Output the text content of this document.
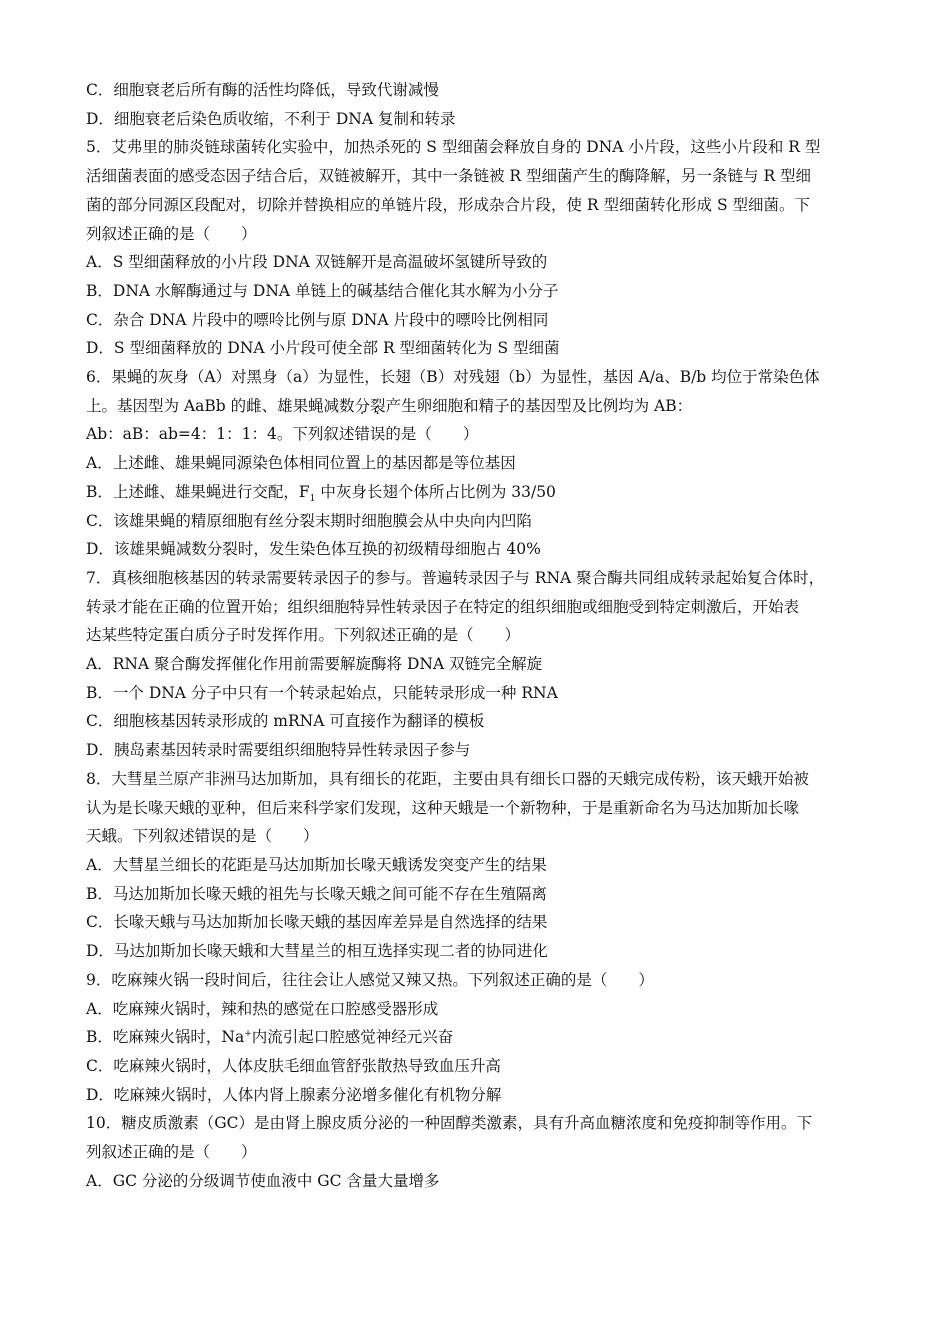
C．细胞衰老后所有酶的活性均降低，导致代谢减慢
D．细胞衰老后染色质收缩，不利于 DNA 复制和转录
5．艾弗里的肺炎链球菌转化实验中，加热杀死的 S 型细菌会释放自身的 DNA 小片段，这些小片段和 R 型
活细菌表面的感受态因子结合后，双链被解开，其中一条链被 R 型细菌产生的酶降解，另一条链与 R 型细
菌的部分同源区段配对，切除并替换相应的单链片段，形成杂合片段，使 R 型细菌转化形成 S 型细菌。下
列叙述正确的是（　　）
A．S 型细菌释放的小片段 DNA 双链解开是高温破坏氢键所导致的
B．DNA 水解酶通过与 DNA 单链上的碱基结合催化其水解为小分子
C．杂合 DNA 片段中的嘌呤比例与原 DNA 片段中的嘌呤比例相同
D．S 型细菌释放的 DNA 小片段可使全部 R 型细菌转化为 S 型细菌
6．果蝇的灰身（A）对黑身（a）为显性，长翅（B）对残翅（b）为显性，基因 A/a、B/b 均位于常染色体
上。基因型为 AaBb 的雌、雄果蝇减数分裂产生卵细胞和精子的基因型及比例均为 AB：
Ab：aB：ab=4：1：1：4。下列叙述错误的是（　　）
A．上述雌、雄果蝇同源染色体相同位置上的基因都是等位基因
B．上述雌、雄果蝇进行交配，$F_1$ 中灰身长翅个体所占比例为 33/50
C．该雄果蝇的精原细胞有丝分裂末期时细胞膜会从中央向内凹陷
D．该雄果蝇减数分裂时，发生染色体互换的初级精母细胞占 40%
7．真核细胞核基因的转录需要转录因子的参与。普遍转录因子与 RNA 聚合酶共同组成转录起始复合体时，
转录才能在正确的位置开始；组织细胞特异性转录因子在特定的组织细胞或细胞受到特定刺激后，开始表
达某些特定蛋白质分子时发挥作用。下列叙述正确的是（　　）
A．RNA 聚合酶发挥催化作用前需要解旋酶将 DNA 双链完全解旋
B．一个 DNA 分子中只有一个转录起始点，只能转录形成一种 RNA
C．细胞核基因转录形成的 mRNA 可直接作为翻译的模板
D．胰岛素基因转录时需要组织细胞特异性转录因子参与
8．大彗星兰原产非洲马达加斯加，具有细长的花距，主要由具有细长口器的天蛾完成传粉，该天蛾开始被
认为是长喙天蛾的亚种，但后来科学家们发现，这种天蛾是一个新物种，于是重新命名为马达加斯加长喙
天蛾。下列叙述错误的是（　　）
A．大彗星兰细长的花距是马达加斯加长喙天蛾诱发突变产生的结果
B．马达加斯加长喙天蛾的祖先与长喙天蛾之间可能不存在生殖隔离
C．长喙天蛾与马达加斯加长喙天蛾的基因库差异是自然选择的结果
D．马达加斯加长喙天蛾和大彗星兰的相互选择实现二者的协同进化
9．吃麻辣火锅一段时间后，往往会让人感觉又辣又热。下列叙述正确的是（　　）
A．吃麻辣火锅时，辣和热的感觉在口腔感受器形成
B．吃麻辣火锅时，Na+内流引起口腔感觉神经元兴奋
C．吃麻辣火锅时，人体皮肤毛细血管舒张散热导致血压升高
D．吃麻辣火锅时，人体内肾上腺素分泌增多催化有机物分解
10．糖皮质激素（GC）是由肾上腺皮质分泌的一种固醇类激素，具有升高血糖浓度和免疫抑制等作用。下
列叙述正确的是（　　）
A．GC 分泌的分级调节使血液中 GC 含量大量增多
